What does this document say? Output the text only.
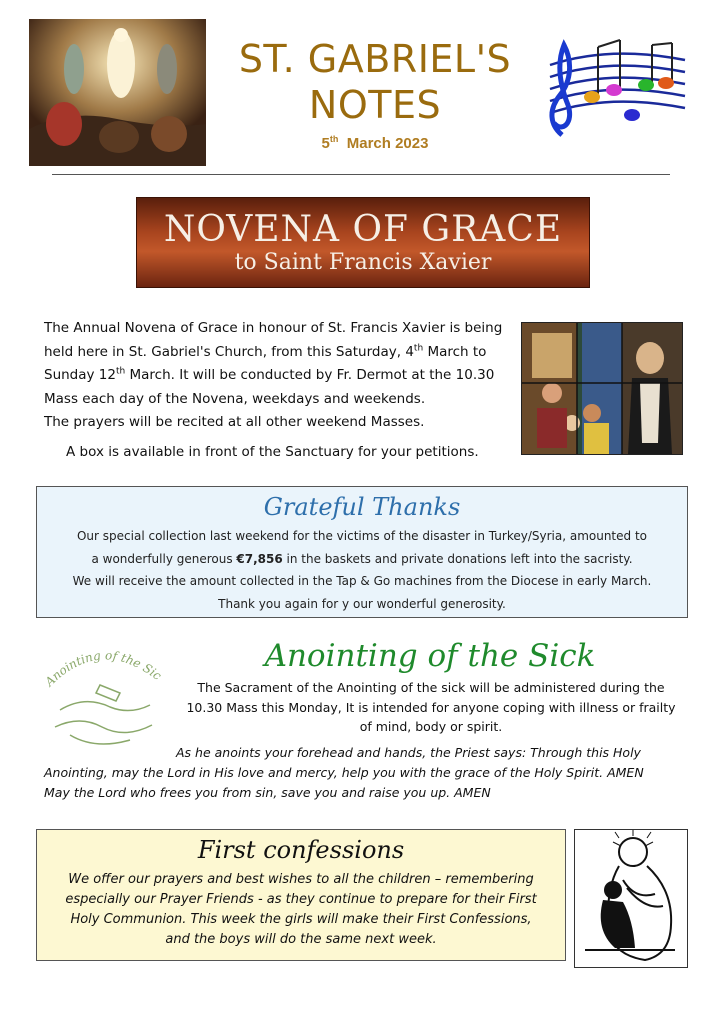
ST. GABRIEL'S
NOTES
5th March 2023
NOVENA OF GRACE
to Saint Francis Xavier

The Annual Novena of Grace in honour of St. Francis Xavier is being

held here in St. Gabriel's Church, from this Saturday, 4th March to

Sunday 12th March. It will be conducted by Fr. Dermot at the 10.30

Mass each day of the Novena, weekdays and weekends.

The prayers will be recited at all other weekend Masses.

A box is available in front of the Sanctuary for your petitions.
Grateful Thanks

Our special collection last weekend for the victims of the disaster in Turkey/Syria, amounted to

a wonderfully generous €7,856 in the baskets and private donations left into the sacristy.

We will receive the amount collected in the Tap & Go machines from the Diocese in early March.

Thank you again for y our wonderful generosity.

Anointing of the Sic
Anointing of the Sick
The Sacrament of the Anointing of the sick will be administered during the
10.30 Mass this Monday, It is intended for anyone coping with illness or frailty
of mind, body or spirit.

As he anoints your forehead and hands, the Priest says: Through this Holy

Anointing, may the Lord in His love and mercy, help you with the grace of the Holy Spirit. AMEN

May the Lord who frees you from sin, save you and raise you up. AMEN

First confessions

We offer our prayers and best wishes to all the children – remembering

especially our Prayer Friends - as they continue to prepare for their First

Holy Communion. This week the girls will make their First Confessions,

and the boys will do the same next week.
